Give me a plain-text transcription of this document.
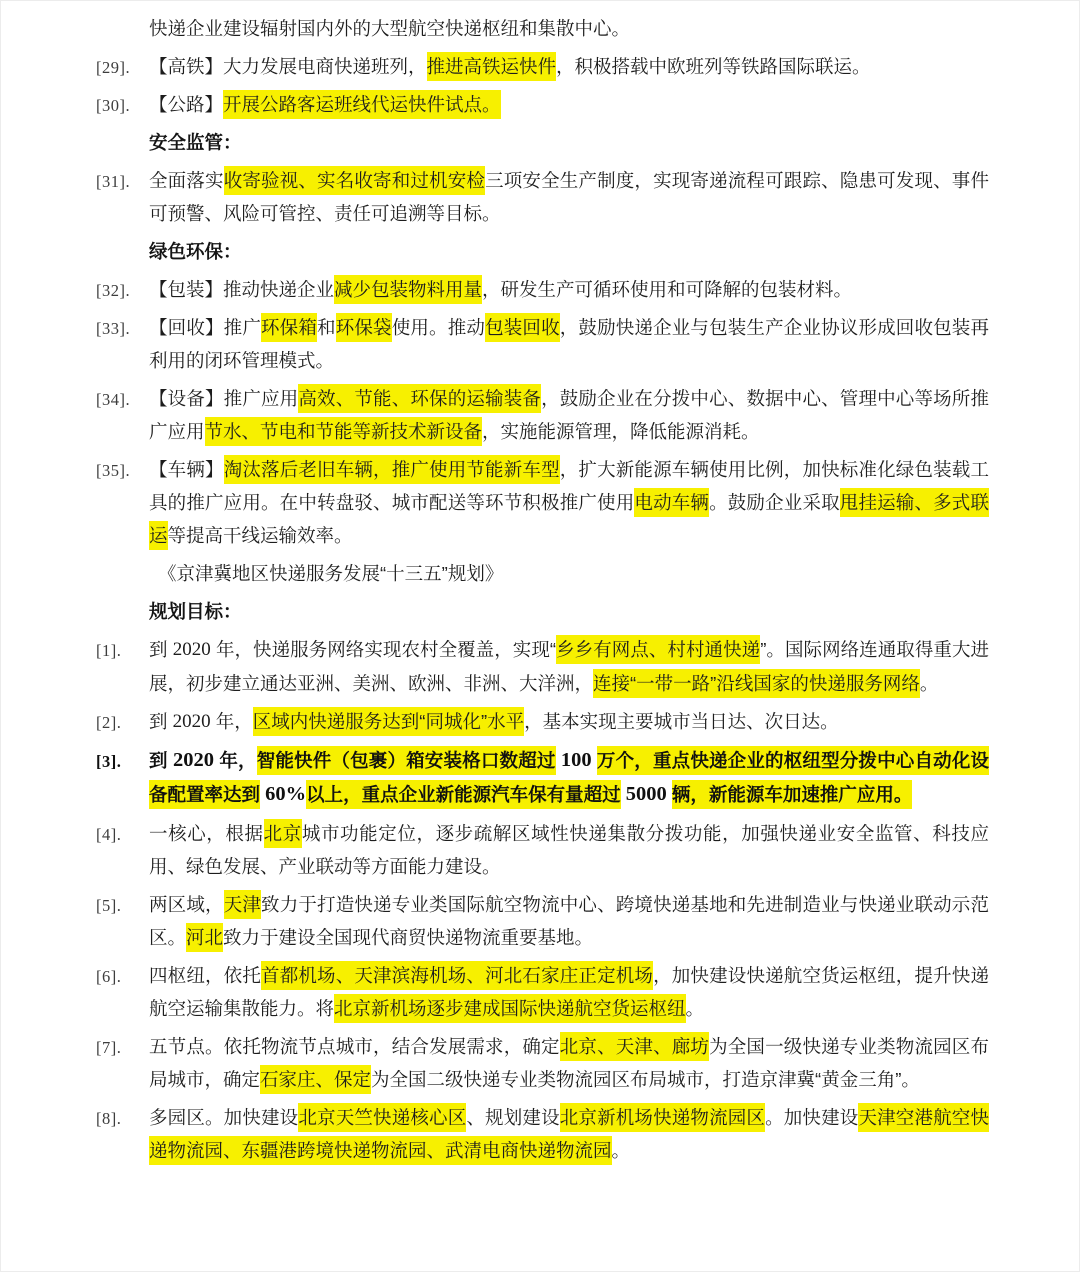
快递企业建设辐射国内外的大型航空快递枢纽和集散中心。
[29]. 【高铁】大力发展电商快递班列，推进高铁运快件，积极搭载中欧班列等铁路国际联运。
[30]. 【公路】开展公路客运班线代运快件试点。
安全监管：
[31]. 全面落实收寄验视、实名收寄和过机安检三项安全生产制度，实现寄递流程可跟踪、隐患可发现、事件可预警、风险可管控、责任可追溯等目标。
绿色环保：
[32]. 【包装】推动快递企业减少包装物料用量，研发生产可循环使用和可降解的包装材料。
[33]. 【回收】推广环保箱和环保袋使用。推动包装回收，鼓励快递企业与包装生产企业协议形成回收包装再利用的闭环管理模式。
[34]. 【设备】推广应用高效、节能、环保的运输装备，鼓励企业在分拨中心、数据中心、管理中心等场所推广应用节水、节电和节能等新技术新设备，实施能源管理，降低能源消耗。
[35]. 【车辆】淘汰落后老旧车辆，推广使用节能新车型，扩大新能源车辆使用比例，加快标准化绿色装载工具的推广应用。在中转盘驳、城市配送等环节积极推广使用电动车辆。鼓励企业采取甩挂运输、多式联运等提高干线运输效率。
《京津冀地区快递服务发展“十三五”规划》
规划目标：
[1]. 到 2020 年，快递服务网络实现农村全覆盖，实现“乡乡有网点、村村通快递”。国际网络连通取得重大进展，初步建立通达亚洲、美洲、欧洲、非洲、大洋洲，连接“一带一路”沿线国家的快递服务网络。
[2]. 到 2020 年，区域内快递服务达到“同城化”水平，基本实现主要城市当日达、次日达。
[3]. 到 2020 年，智能快件（包裹）箱安装格口数超过 100 万个，重点快递企业的枢纽型分拨中心自动化设备配置率达到 60%以上，重点企业新能源汽车保有量超过 5000 辆，新能源车加速推广应用。
[4]. 一核心，根据北京城市功能定位，逐步疏解区域性快递集散分拨功能，加强快递业安全监管、科技应用、绿色发展、产业联动等方面能力建设。
[5]. 两区域，天津致力于打造快递专业类国际航空物流中心、跨境快递基地和先进制造业与快递业联动示范区。河北致力于建设全国现代商贸快递物流重要基地。
[6]. 四枢纽，依托首都机场、天津滨海机场、河北石家庄正定机场，加快建设快递航空货运枢纽，提升快递航空运输集散能力。将北京新机场逐步建成国际快递航空货运枢纽。
[7]. 五节点。依托物流节点城市，结合发展需求，确定北京、天津、廊坊为全国一级快递专业类物流园区布局城市，确定石家庄、保定为全国二级快递专业类物流园区布局城市，打造京津冀“黄金三角”。
[8]. 多园区。加快建设北京天竺快递核心区、规划建设北京新机场快递物流园区。加快建设天津空港航空快递物流园、东疆港跨境快递物流园、武清电商快递物流园。
